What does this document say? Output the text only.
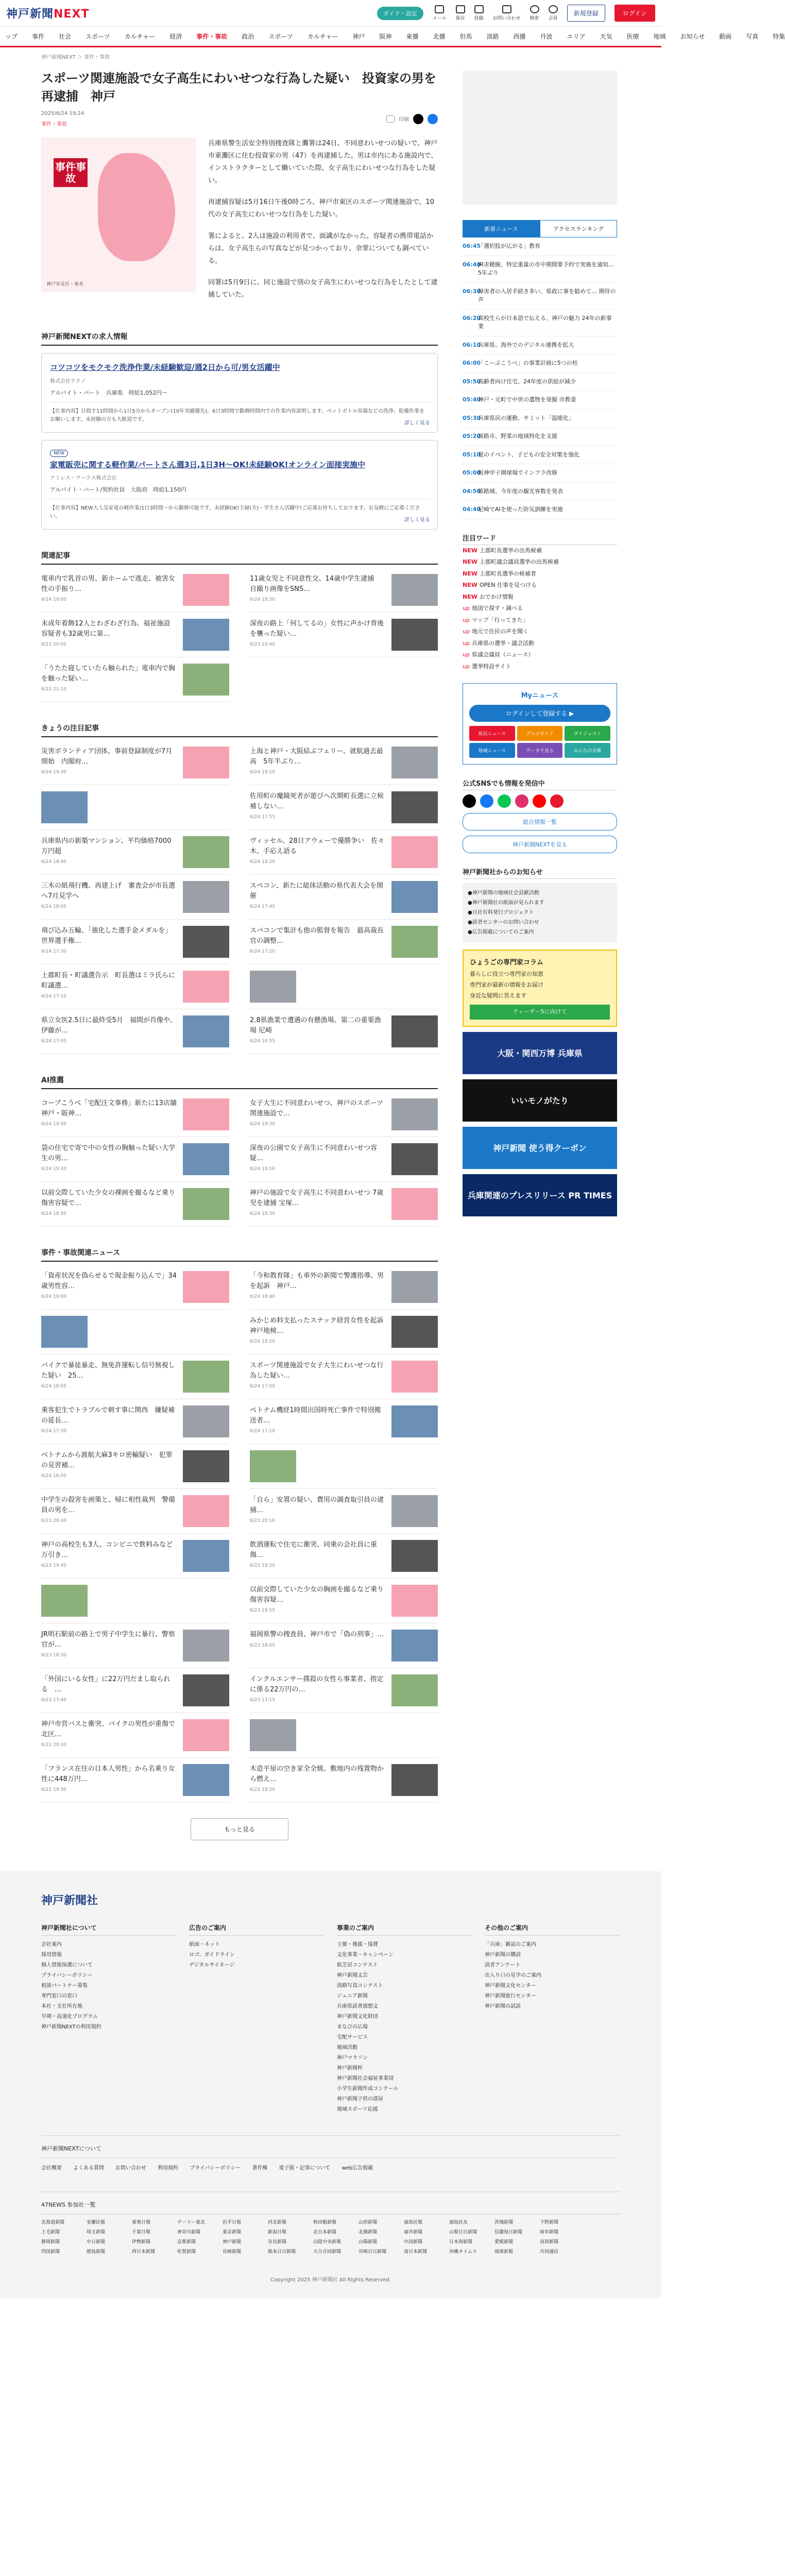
神戸新聞NEXT	ガイド・設定
メール 保存 投稿 お問い合わせ 検索 会員
新規登録	ログイン
ップ 事件 社会 スポーツ カルチャー 経済 事件・事故 政治 スポーツ カルチャー 神戸 阪神 東播 北播 但馬 淡路 西播 丹波 エリア 天気 医療 地域 お知らせ 動画 写真 特集
神戸新聞NEXT ＞ 事件・事故
スポーツ関連施設で女子高生にわいせつな行為した疑い　投資家の男を再逮捕　神戸
2025/6/24 19:24
事件・事故
印刷
事件事故
神戸市北区・垂水

兵庫県警生活安全特別捜査隊と灘署は24日、不同意わいせつの疑いで、神戸市東灘区に住む投資家の男（47）を再逮捕した。男は市内にある施設内で、インストラクターとして働いていた際、女子高生にわいせつな行為をした疑い。

再逮捕容疑は5月16日午後0時ごろ、神戸市東区のスポーツ関連施設で、10代の女子高生にわいせつな行為をした疑い。

署によると、2人は施設の利用者で、面識がなかった。容疑者の携帯電話からは、女子高生らの写真などが見つかっており、余罪についても調べている。

同署は5月9日に、同じ施設で別の女子高生にわいせつな行為をしたとして逮捕していた。

神戸新聞NEXTの求人情報
コツコツをモクモク洗浄作業/未経験歓迎/週2日から可/男女活躍中
株式会社テクノ
アルバイト・パート　兵庫県　時給1,052円〜
【仕事内容】目指す11時間から1日5分からオープン(10年実績優先)。6日3時間で勤務時間内での作業内容説明します。ペットボトル容器などの洗浄、乾燥作業をお願いします。未経験の方も大歓迎です。
詳しく見る
NEW
家電販売に関する軽作業/パートさん週3日,1日3H〜OK!未経験OK!オンライン面接実施中
アミレス・ワークス株式会社
アルバイト・パート/契約社員　大阪府　時給1,150円
【仕事内容】NEW大人気家電の軽作業/1日3時間〜から勤務可能です。未経験OK!主婦(夫)・学生さん活躍中!ご応募お待ちしております。お気軽にご応募ください。
詳しく見る
関連記事
電車内で乳首の男、新ホームで逃走、被害女性の手振り…
6/24 19:00
11歳女児と不同意性交、14歳中学生逮捕　自撮り画像をSNS…
6/24 18:30
未成年着飾12人とわざわざ行為、福祉施設　容疑者も32歳男に第…
6/23 20:05
深夜の路上「何してるの」女性に声かけ背後を襲った疑い…
6/23 19:40
「うたた寝していたら触られた」電車内で胸を触った疑い…
6/22 21:10
きょうの注目記事
災害ボランティア団体、事前登録制度が7月開始　内閣府…
6/24 19:30
上海と神戸・大阪結ぶフェリー、就航過去最高　5年半ぶり…
6/24 19:10
佐用町の魔鏡死者が遊びへ次期町長選に立候補しない…
6/24 17:55
兵庫県内の新築マンション、平均価格7000万円超
6/24 18:40
ヴィッセル、28日アウェーで優勝争い　佐々木、手応え語る
6/24 18:20
三木の紙飛行機、再建上げ　審査会が市長選へ7月見学へ
6/24 18:05
スペコン、新たに総体活動の県代表大会を開催
6/24 17:40
飛び込み五輪、「強化した選手金メダルを」世界選手権…
6/24 17:30
スバコンで集計も他の監督を報告　最高裁長官の調整…
6/24 17:20
上郡町長・町議選告示　町長選はミラ氏らに　町議選…
6/24 17:10
県立女医2.5日に最終受5月　福間が肖像や、伊藤が…
6/24 17:05
2.8県漁業で遭遇の有懸漁場、第二の重要漁場 尼崎
6/24 16:55
AI推薦
コープこうべ「宅配注文事務」新たに13店舗 神戸・阪神…
6/24 19:50
女子大生に不同意わいせつ、神戸のスポーツ関連施設で…
6/24 19:30
袋の住宅で寄で中の女性の胸触った疑い大学生の男…
6/24 19:20
深夜の公園で女子高生に不同意わいせつ容疑…
6/24 19:10
以前交際していた少女の裸画を撮るなど乗り 傷害容疑で…
6/24 18:50
神戸の施設で女子高生に不同意わいせつ 7歳児を逮捕 宝塚…
6/24 18:30
事件・事故関連ニュース
「資産状況を偽らせるで現金振り込んで」34歳男性容…
6/24 19:00
「今和教育隊」も車外の新聞で警護指導、男を起訴　神戸…
6/24 18:40
みかじめ料支払ったスナック経営女性を起訴　神戸地検…
6/24 18:20
バイクで暴徒暴走、無免許運転し信号無視した疑い　25…
6/24 18:05
スポーツ関連施設で女子大生にわいせつな行為した疑い…
6/24 17:50
乗客犯生でトラブルで刺す事に関西　嫌疑補の延長…
6/24 17:30
ベトナム機経1時間出国時死亡事件で特別搬送者…
6/24 17:10
ベトナムから渡航大麻3キロ密輸疑い　犯罪の見習補…
6/24 16:50
中学生の殺害を画策と、帰に相性裁判　警備員の男を…
6/23 20:40
「自ら」安置の疑い、費用の調査取引員の逮捕…
6/23 20:10
神戸の高校生も3人、コンビニで飲料みなど万引き…
6/23 19:45
飲酒運転で住宅に衝突、同乗の会社員に重傷…
6/23 19:20
以前交際していた少女の胸画を撮るなど乗り 傷害容疑…
6/23 18:55
JR明石駅前の路上で男子中学生に暴行、警察官が…
6/23 18:30
福岡県警の捜査員、神戸市で「偽の刑事」…
6/23 18:05
「外国にいる女性」に22万円だまし取られる　…
6/23 17:40
インクルエンサー撲殺の女性ら事業者、指定に係る22万円の…
6/23 17:15
神戸市営バスと衝突、バイクの男性が重傷で　北区…
6/22 20:30
「フランス在住の日本人男性」から名乗り女性に448万円…
6/22 19:50
木造平屋の空き家全全焼、敷地内の残置物から燃え…
6/22 19:20
もっと見る
新着ニュース	アクセスランキング
06:45
「選択肢が広がる」教育
06:40
JR赤穂線、特定重量の市中期間要予約で実施を通知… 5年ぶり
06:30
障害者の入居手続き多い、県政に事を勧めて… 期待の声
06:20
高校生らが日本語で伝える、神戸の魅力 24年の新事業
06:10
兵庫県、海外でのデジタル連携を拡大
06:00
「こーぷこうべ」の事業計画に5つの柱
05:50
高齢者向け住宅、24年度の供給が減少
05:40
神戸・元町で中世の遺物を発掘 市教委
05:30
兵庫県民の運動、サミット「温暖化」
05:20
淡路市、野菜の地域特化を支援
05:10
夏のイベント、子どもの安全対策を強化
05:00
阪神甲子園球場でインフラ改修
04:50
姫路城、今年度の観光客数を発表
04:40
尼崎でAIを使った防災訓練を実施
注目ワード
NEW 上郡町長選挙の出馬候補
NEW 上郡町議会議員選挙の出馬候補
NEW 上郡町長選挙の候補者
NEW OPEN 仕事を見つける
NEW おでかけ情報
up 地図で探す・調べる
up マップ「行ってきた」
up 地元で住民の声を聞く
up 兵庫県の選挙・議会活動
up 県議会議員（ニュース）
up 選挙特設サイト
Myニュース
ログインして登録する ▶
県民ニュース	グルメガイド	ダイジェスト
地域ニュース	データで見る	みんなの兵庫
公式SNSでも情報を発信中
総合情報一覧
神戸新聞NEXTを見る
神戸新聞社からのお知らせ
●神戸新聞の地域社会貢献活動
●神戸新聞社の紙面が見られます
●自社有料発行プロジェクト
●読者センターのお問い合わせ
●広告掲載についてのご案内
ひょうごの専門家コラム
暮らしに役立つ専門家の知恵
専門家が最新の情報をお届け
身近な疑問に答えます
ティーザー5に向けて
大阪・関西万博 兵庫県
いいモノがたり
神戸新聞 使う得クーポン
兵庫関連のプレスリリース PR TIMES
神戸新聞社
神戸新聞社について
会社案内
採用情報
個人情報保護について
プライバシーポリシー
相談パートナー募集
専門窓口の窓口
本社・支社所在地
早期・高速化プログラム
神戸新聞NEXTの利用規約
広告のご案内
紙面・ネット
ロゴ、ガイドライン
デジタルサイネージ
事業のご案内
主催・後援・協賛
文化事業・キャンペーン
紙芝居コンテスト
神戸新聞文芸
淡路写真コンテスト
ジュニア新聞
兵庫県読書感想文
神戸新聞文化財団
まなびの広場
宅配サービス
地域活動
神戸マラソン
神戸新聞杯
神戸新聞社会福祉事業団
小学生新聞作成コンクール
神戸新聞子供の部屋
地域スポーツ応援
その他のご案内
「兵庫」雑誌のご案内
神戸新聞の購読
読者アンケート
出入り口の見学のご案内
神戸新聞文化センター
神戸新聞旅行センター
神戸新聞の試読
神戸新聞NEXTについて
会社概要 よくある質問 お問い合わせ 利用規約 プライバシーポリシー 著作権 電子版・記事について web広告掲載
47NEWS 参加社一覧
北海道新聞	室蘭民報	東奥日報	デーリー東北	岩手日報	河北新報	秋田魁新報	山形新聞	福島民報	福島民友	茨城新聞	下野新聞
上毛新聞	埼玉新聞	千葉日報	神奈川新聞	東京新聞	新潟日報	北日本新聞	北國新聞	福井新聞	山梨日日新聞	信濃毎日新聞	岐阜新聞
静岡新聞	中日新聞	伊勢新聞	京都新聞	神戸新聞	奈良新聞	山陰中央新報	山陽新聞	中国新聞	日本海新聞	愛媛新聞	高知新聞
四国新聞	徳島新聞	西日本新聞	佐賀新聞	長崎新聞	熊本日日新聞	大分合同新聞	宮崎日日新聞	南日本新聞	沖縄タイムス	琉球新報	共同通信
Copyright 2025 神戸新聞社 All Rights Reserved.
